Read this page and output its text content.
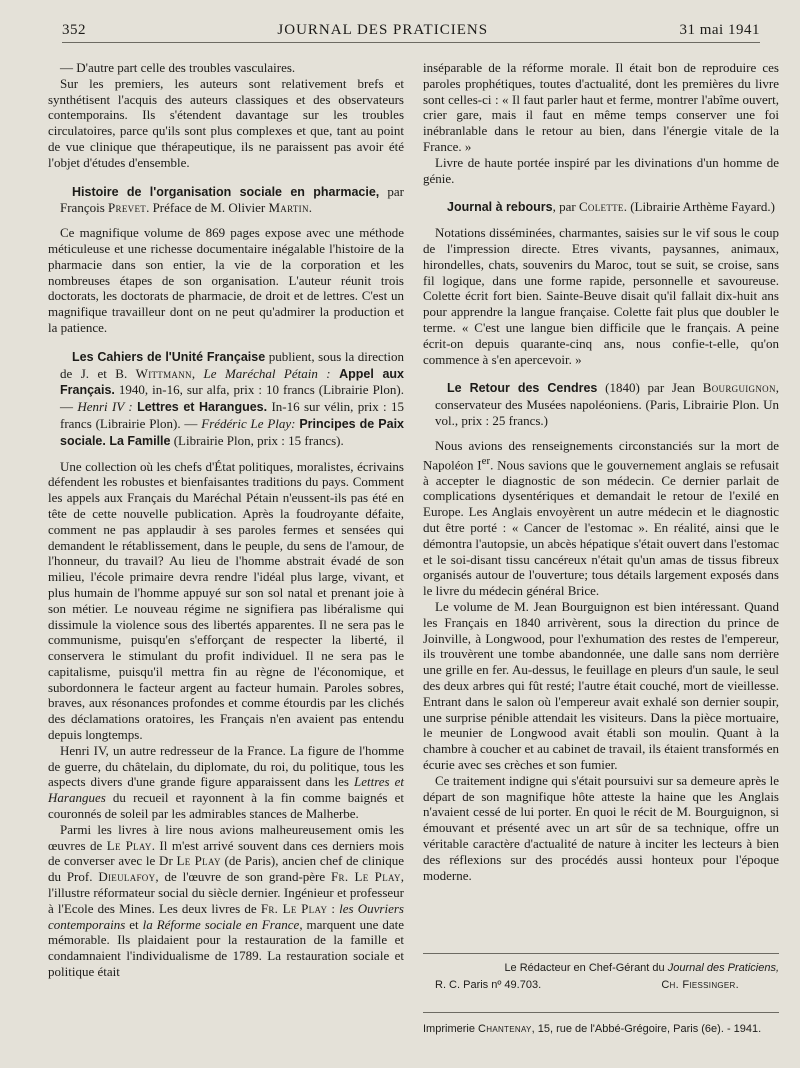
352	JOURNAL DES PRATICIENS	31 mai 1941

— D'autre part celle des troubles vasculaires.

Sur les premiers, les auteurs sont relativement brefs et synthétisent l'acquis des auteurs classiques et des observateurs contemporains. Ils s'étendent davantage sur les troubles circulatoires, parce qu'ils sont plus complexes et que, tant au point de vue clinique que thérapeutique, ils ne paraissent pas avoir été l'objet d'études d'ensemble.

Histoire de l'organisation sociale en pharmacie, par François Prevet. Préface de M. Olivier Martin.

Ce magnifique volume de 869 pages expose avec une méthode méticuleuse et une richesse documentaire inégalable l'histoire de la pharmacie dans son entier, la vie de la corporation et les nombreuses étapes de son organisation. L'auteur réunit trois doctorats, les doctorats de pharmacie, de droit et de lettres. C'est un magnifique travailleur dont on ne peut qu'admirer la production et la patience.

Les Cahiers de l'Unité Française publient, sous la direction de J. et B. Wittmann, Le Maréchal Pétain : Appel aux Français. 1940, in-16, sur alfa, prix : 10 francs (Librairie Plon). — Henri IV : Lettres et Harangues. In-16 sur vélin, prix : 15 francs (Librairie Plon). — Frédéric Le Play: Principes de Paix sociale. La Famille (Librairie Plon, prix : 15 francs).

Une collection où les chefs d'État politiques, moralistes, écrivains défendent les robustes et bienfaisantes traditions du pays. Comment les appels aux Français du Maréchal Pétain n'eussent-ils pas été en tête de cette nouvelle publication. Après la foudroyante défaite, comment ne pas applaudir à ses paroles fermes et sensées qui demandent le rétablissement, dans le peuple, du sens de l'amour, de l'honneur, du travail? Au lieu de l'homme abstrait évadé de son milieu, l'école primaire devra rendre l'idéal plus large, vivant, et plus humain de l'homme appuyé sur son sol natal et prenant joie à son métier. Le nouveau régime ne signifiera pas libéralisme qui dissimule la violence sous des libertés apparentes. Il ne sera pas le communisme, puisqu'en s'efforçant de respecter la liberté, il conservera le stimulant du profit individuel. Il ne sera pas le capitalisme, puisqu'il mettra fin au règne de l'économique, et subordonnera le facteur argent au facteur humain. Paroles sobres, braves, aux résonances profondes et comme étourdis par les clichés des déclamations oratoires, les Français n'en avaient pas entendu depuis longtemps.

Henri IV, un autre redresseur de la France. La figure de l'homme de guerre, du châtelain, du diplomate, du roi, du politique, tous les aspects divers d'une grande figure apparaissent dans les Lettres et Harangues du recueil et rayonnent à la fin comme baignés et couronnés de soleil par les admirables stances de Malherbe.

Parmi les livres à lire nous avions malheureusement omis les œuvres de Le Play. Il m'est arrivé souvent dans ces derniers mois de converser avec le Dr Le Play (de Paris), ancien chef de clinique du Prof. Dieulafoy, de l'œuvre de son grand-père Fr. Le Play, l'illustre réformateur social du siècle dernier. Ingénieur et professeur à l'Ecole des Mines. Les deux livres de Fr. Le Play : les Ouvriers contemporains et la Réforme sociale en France, marquent une date mémorable. Ils plaidaient pour la restauration de la famille et condamnaient l'individualisme de 1789. La restauration sociale et politique était

inséparable de la réforme morale. Il était bon de reproduire ces paroles prophétiques, toutes d'actualité, dont les premières du livre sont celles-ci : « Il faut parler haut et ferme, montrer l'abîme ouvert, crier gare, mais il faut en même temps conserver une foi inébranlable dans le retour au bien, dans l'énergie vitale de la France. »

Livre de haute portée inspiré par les divinations d'un homme de génie.

Journal à rebours, par Colette. (Librairie Arthème Fayard.)

Notations disséminées, charmantes, saisies sur le vif sous le coup de l'impression directe. Etres vivants, paysannes, animaux, hirondelles, chats, souvenirs du Maroc, tout se suit, se croise, sans fil logique, dans une forme rapide, personnelle et savoureuse. Colette écrit fort bien. Sainte-Beuve disait qu'il fallait dix-huit ans pour apprendre la langue française. Colette fait plus que doubler le terme. « C'est une langue bien difficile que le français. A peine écrit-on depuis quarante-cinq ans, nous confie-t-elle, qu'on commence à s'en apercevoir. »

Le Retour des Cendres (1840) par Jean Bourguignon, conservateur des Musées napoléoniens. (Paris, Librairie Plon. Un vol., prix : 25 francs.)

Nous avions des renseignements circonstanciés sur la mort de Napoléon Ier. Nous savions que le gouvernement anglais se refusait à accepter le diagnostic de son médecin. Ce dernier parlait de complications dysentériques et demandait le retour de l'exilé en Europe. Les Anglais envoyèrent un autre médecin et le diagnostic dut être porté : « Cancer de l'estomac ». En réalité, ainsi que le démontra l'autopsie, un abcès hépatique s'était ouvert dans l'estomac et le soi-disant tissu cancéreux n'était qu'un amas de tissus fibreux organisés autour de l'ouverture; tous détails largement exposés dans le livre du médecin général Brice.

Le volume de M. Jean Bourguignon est bien intéressant. Quand les Français en 1840 arrivèrent, sous la direction du prince de Joinville, à Longwood, pour l'exhumation des restes de l'empereur, ils trouvèrent une tombe abandonnée, une dalle sans nom derrière une grille en fer. Au-dessus, le feuillage en pleurs d'un saule, le seul des deux arbres qui fût resté; l'autre était couché, mort de vieillesse. Entrant dans le salon où l'empereur avait exhalé son dernier soupir, une surprise pénible attendait les visiteurs. Dans la pièce mortuaire, le meunier de Longwood avait établi son moulin. Quant à la chambre à coucher et au cabinet de travail, ils étaient transformés en écurie avec ses crèches et son fumier.

Ce traitement indigne qui s'était poursuivi sur sa demeure après le départ de son magnifique hôte atteste la haine que les Anglais n'avaient cessé de lui porter. En quoi le récit de M. Bourguignon, si émouvant et présenté avec un art sûr de sa technique, offre un véritable caractère d'actualité de nature à inciter les lecteurs à bien des réflexions sur des procédés aussi honteux pour l'époque moderne.

Le Rédacteur en Chef-Gérant du Journal des Praticiens,
R. C. Paris nº 49.703.	Ch. Fiessinger.
Imprimerie Chantenay, 15, rue de l'Abbé-Grégoire, Paris (6e). - 1941.
